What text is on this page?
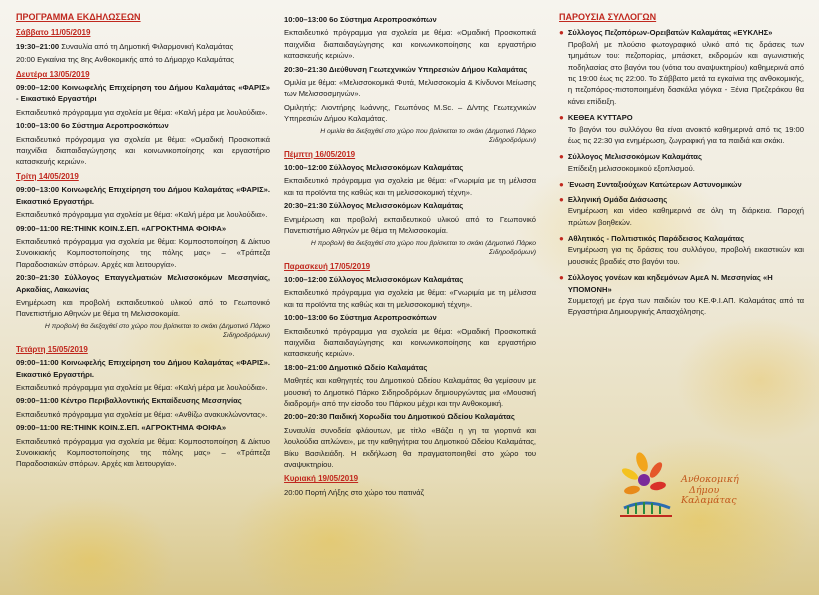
ΠΡΟΓΡΑΜΜΑ ΕΚΔΗΛΩΣΕΩΝ
Σάββατο 11/05/2019

19:30–21:00 Συναυλία από τη Δημοτική Φιλαρμονική Καλαμάτας

20:00 Εγκαίνια της 8ης Ανθοκομικής από το Δήμαρχο Καλαμάτας

Δευτέρα 13/05/2019

09:00–12:00 Κοινωφελής Επιχείρηση του Δήμου Καλαμάτας «ΦΑΡΙΣ» - Εικαστικό Εργαστήρι

Εκπαιδευτικό πρόγραμμα για σχολεία με θέμα: «Καλή μέρα με λουλούδια».

10:00–13:00 6ο Σύστημα Αεροπροσκόπων

Εκπαιδευτικό πρόγραμμα για σχολεία με θέμα: «Ομαδική Προσκοπικά παιχνίδια διαπαιδαγώγησης και κοινωνικοποίησης και εργαστήριο κατασκευής κεριών».

Τρίτη 14/05/2019

09:00–13:00 Κοινωφελής Επιχείρηση του Δήμου Καλαμάτας «ΦΑΡΙΣ». Εικαστικό Εργαστήρι.

Εκπαιδευτικό πρόγραμμα για σχολεία με θέμα: «Καλή μέρα με λουλούδια».

09:00–11:00 RE:THINK ΚΟΙΝ.Σ.ΕΠ. «ΑΓΡΟΚΤΗΜΑ ΦΟΙΦΑ»

Εκπαιδευτικό πρόγραμμα για σχολεία με θέμα: Κομποστοποίηση & Δίκτυο Συνοικιακής Κομποστοποίησης της πόλης μας» – «Τράπεζα Παραδοσιακών σπόρων. Αρχές και λειτουργία».

20:30–21:30 Σύλλογος Επαγγελματιών Μελισσοκόμων Μεσσηνίας, Αρκαδίας, Λακωνίας

Ενημέρωση και προβολή εκπαιδευτικού υλικού από το Γεωπονικό Πανεπιστήμιο Αθηνών με θέμα τη Μελισσοκομία.

Η προβολή θα διεξαχθεί στο χώρο που βρίσκεται το σκάκι (Δημοτικό Πάρκο Σιδηροδρόμων)

Τετάρτη 15/05/2019

09:00–11:00 Κοινωφελής Επιχείρηση του Δήμου Καλαμάτας «ΦΑΡΙΣ». Εικαστικό Εργαστήρι.

Εκπαιδευτικό πρόγραμμα για σχολεία με θέμα: «Καλή μέρα με λουλούδια».

09:00–11:00 Κέντρο Περιβαλλοντικής Εκπαίδευσης Μεσσηνίας

Εκπαιδευτικό πρόγραμμα για σχολεία με θέμα: «Ανθίζω ανακυκλώνοντας».

09:00–11:00 RE:THINK ΚΟΙΝ.Σ.ΕΠ. «ΑΓΡΟΚΤΗΜΑ ΦΟΙΦΑ»

Εκπαιδευτικό πρόγραμμα για σχολεία με θέμα: Κομποστοποίηση & Δίκτυο Συνοικιακής Κομποστοποίησης της πόλης μας» – «Τράπεζα Παραδοσιακών σπόρων. Αρχές και λειτουργία».

10:00–13:00 6ο Σύστημα Αεροπροσκόπων

Εκπαιδευτικό πρόγραμμα για σχολεία με θέμα: «Ομαδική Προσκοπικά παιχνίδια διαπαιδαγώγησης και κοινωνικοποίησης και εργαστήριο κατασκευής κεριών».

20:30–21:30 Διεύθυνση Γεωτεχνικών Υπηρεσιών Δήμου Καλαμάτας

Ομιλία με θέμα: «Μελισσοκομικά Φυτά, Μελισσοκομία & Κίνδυνοι Μείωσης των Μελισσοσμηνών».

Ομιλητής: Λιοντήρης Ιωάννης, Γεωπόνος M.Sc. – Δ/ντης Γεωτεχνικών Υπηρεσιών Δήμου Καλαμάτας.

Η ομιλία θα διεξαχθεί στο χώρο που βρίσκεται το σκάκι (Δημοτικό Πάρκο Σιδηροδρόμων)

Πέμπτη 16/05/2019

10:00–12:00 Σύλλογος Μελισσοκόμων Καλαμάτας

Εκπαιδευτικό πρόγραμμα για σχολεία με θέμα: «Γνωριμία με τη μέλισσα και τα προϊόντα της καθώς και τη μελισσοκομική τέχνη».

20:30–21:30 Σύλλογος Μελισσοκόμων Καλαμάτας

Ενημέρωση και προβολή εκπαιδευτικού υλικού από το Γεωπονικό Πανεπιστήμιο Αθηνών με θέμα τη Μελισσοκομία.

Η προβολή θα διεξαχθεί στο χώρο που βρίσκεται το σκάκι (Δημοτικό Πάρκο Σιδηροδρόμων)

Παρασκευή 17/05/2019

10:00–12:00 Σύλλογος Μελισσοκόμων Καλαμάτας

Εκπαιδευτικό πρόγραμμα για σχολεία με θέμα: «Γνωριμία με τη μέλισσα και τα προϊόντα της καθώς και τη μελισσοκομική τέχνη».

10:00–13:00 6ο Σύστημα Αεροπροσκόπων

Εκπαιδευτικό πρόγραμμα για σχολεία με θέμα: «Ομαδική Προσκοπικά παιχνίδια διαπαιδαγώγησης και κοινωνικοποίησης και εργαστήριο κατασκευής κεριών».

18:00–21:00 Δημοτικό Ωδείο Καλαμάτας

Μαθητές και καθηγητές του Δημοτικού Ωδείου Καλαμάτας θα γεμίσουν με μουσική το Δημοτικό Πάρκο Σιδηροδρόμων δημιουργώντας μια «Μουσική διαδρομή» από την είσοδο του Πάρκου μέχρι και την Ανθοκομική.

20:00–20:30 Παιδική Χορωδία του Δημοτικού Ωδείου Καλαμάτας

Συναυλία συνοδεία φλάουτων, με τίτλο «Βάζει η γη τα γιορτινά και λουλούδια απλώνει», με την καθηγήτρια του Δημοτικού Ωδείου Καλαμάτας, Βίκυ Βασιλειάδη. Η εκδήλωση θα πραγματοποιηθεί στο χώρο του αναψυκτηρίου.

Κυριακή 19/05/2019

20:00 Πορτή Λήξης στο χώρο του πατινάζ

ΠΑΡΟΥΣΙΑ ΣΥΛΛΟΓΩΝ
● Σύλλογος Πεζοπόρων-Ορειβατών Καλαμάτας «ΕΥΚΛΗΣ»

Προβολή με πλούσιο φωτογραφικό υλικό από τις δράσεις των τμημάτων του: πεζοπορίας, μπάσκετ, εκδρομών και αγωνιστικής ποδηλασίας στο βαγόνι του (νότια του αναψυκτηρίου) καθημερινά από τις 19:00 έως τις 22:00. Το Σάββατο μετά τα εγκαίνια της ανθοκομικής, η πεζοπόρος-πιστοποιημένη δασκάλα γιόγκα - Ξένια Πρεζεράκου θα κάνει επίδειξη.

● ΚΕΘΕΑ ΚΥΤΤΑΡΟ

Το βαγόνι του συλλόγου θα είναι ανοικτό καθημερινά από τις 19:00 έως τις 22:30 για ενημέρωση, ζωγραφική για τα παιδιά και σκάκι.

● Σύλλογος Μελισσοκόμων Καλαμάτας

Επίδειξη μελισσοκομικού εξοπλισμού.

● Ένωση Συνταξιούχων Κατώτερων Αστυνομικών
● Ελληνική Ομάδα Διάσωσης

Ενημέρωση και video καθημερινά σε όλη τη διάρκεια. Παροχή πρώτων βοηθειών.

● Αθλητικός - Πολιτιστικός Παράδεισος Καλαμάτας

Ενημέρωση για τις δράσεις του συλλόγου, προβολή εικαστικών και μουσικές βραδιές στο βαγόνι του.

● Σύλλογος γονέων και κηδεμόνων ΑμεΑ Ν. Μεσσηνίας «Η ΥΠΟΜΟΝΗ»

Συμμετοχή με έργα των παιδιών του ΚΕ.Φ.Ι.ΑΠ. Καλαμάτας από τα Εργαστήρια Δημιουργικής Απασχόλησης.

Ανθοκομική
Δήμου
Καλαμάτας
